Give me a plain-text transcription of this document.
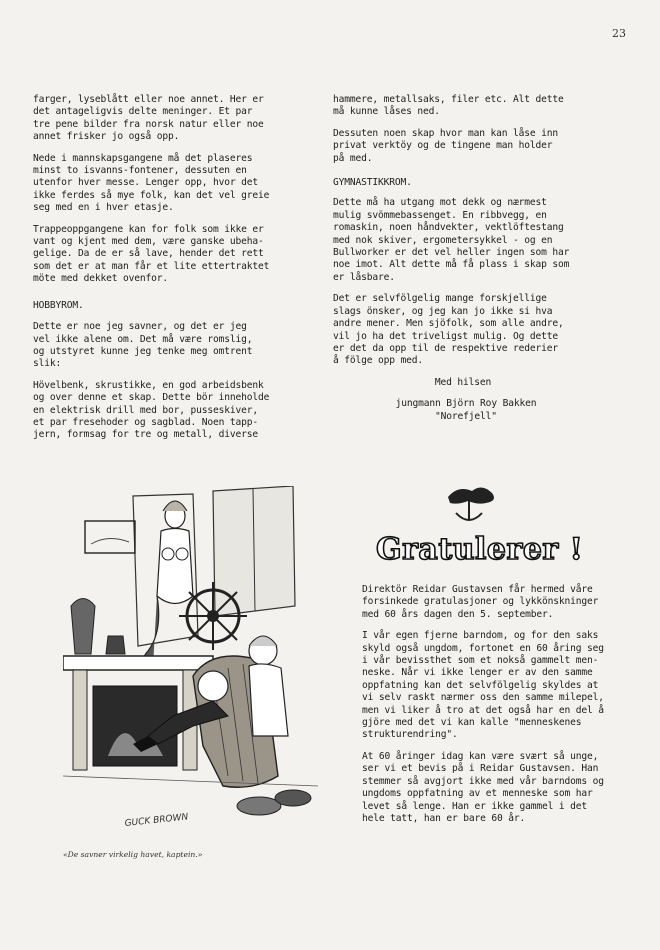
23

farger, lyseblått eller noe annet. Her er
det antageligvis delte meninger. Et par
tre pene bilder fra norsk natur eller noe
annet frisker jo også opp.

Nede i mannskapsgangene må det plaseres
minst to isvanns-fontener, dessuten en
utenfor hver messe. Lenger opp, hvor det
ikke ferdes så mye folk, kan det vel greie
seg med en i hver etasje.

Trappeoppgangene kan for folk som ikke er
vant og kjent med dem, være ganske ubeha-
gelige. Da de er så lave, hender det rett
som det er at man får et lite ettertraktet
möte med dekket ovenfor.

HOBBYROM.

Dette er noe jeg savner, og det er jeg
vel ikke alene om. Det må være romslig,
og utstyret kunne jeg tenke meg omtrent
slik:

Hövelbenk, skrustikke, en god arbeidsbenk
og over denne et skap. Dette bör inneholde
en elektrisk drill med bor, pusseskiver,
et par fresehoder og sagblad. Noen tapp-
jern, formsag for tre og metall, diverse

hammere, metallsaks, filer etc. Alt dette
må kunne låses ned.

Dessuten noen skap hvor man kan låse inn
privat verktöy og de tingene man holder
på med.

GYMNASTIKKROM.

Dette må ha utgang mot dekk og nærmest
mulig svömmebassenget. En ribbvegg, en
romaskin, noen håndvekter, vektlöftestang
med nok skiver, ergometersykkel - og en
Bullworker er det vel heller ingen som har
noe imot. Alt dette må få plass i skap som
er låsbare.

Det er selvfölgelig mange forskjellige
slags önsker, og jeg kan jo ikke si hva
andre mener. Men sjöfolk, som alle andre,
vil jo ha det triveligst mulig. Og dette
er det da opp til de respektive rederier
å fölge opp med.

Med hilsen

jungmann Björn Roy Bakken
"Norefjell"

GUCK BROWN
«De savner virkelig havet, kaptein.»
Gratulerer !

Direktör Reidar Gustavsen får hermed våre
forsinkede gratulasjoner og lykkönskninger
med 60 års dagen den 5. september.

I vår egen fjerne barndom, og for den saks
skyld også ungdom, fortonet en 60 åring seg
i vår bevissthet som et nokså gammelt men-
neske. Når vi ikke lenger er av den samme
oppfatning kan det selvfölgelig skyldes at
vi selv raskt nærmer oss den samme milepel,
men vi liker å tro at det også har en del å
gjöre med det vi kan kalle "menneskenes
strukturendring".

At 60 åringer idag kan være svært så unge,
ser vi et bevis på i Reidar Gustavsen. Han
stemmer så avgjort ikke med vår barndoms og
ungdoms oppfatning av et menneske som har
levet så lenge. Han er ikke gammel i det
hele tatt, han er bare 60 år.
